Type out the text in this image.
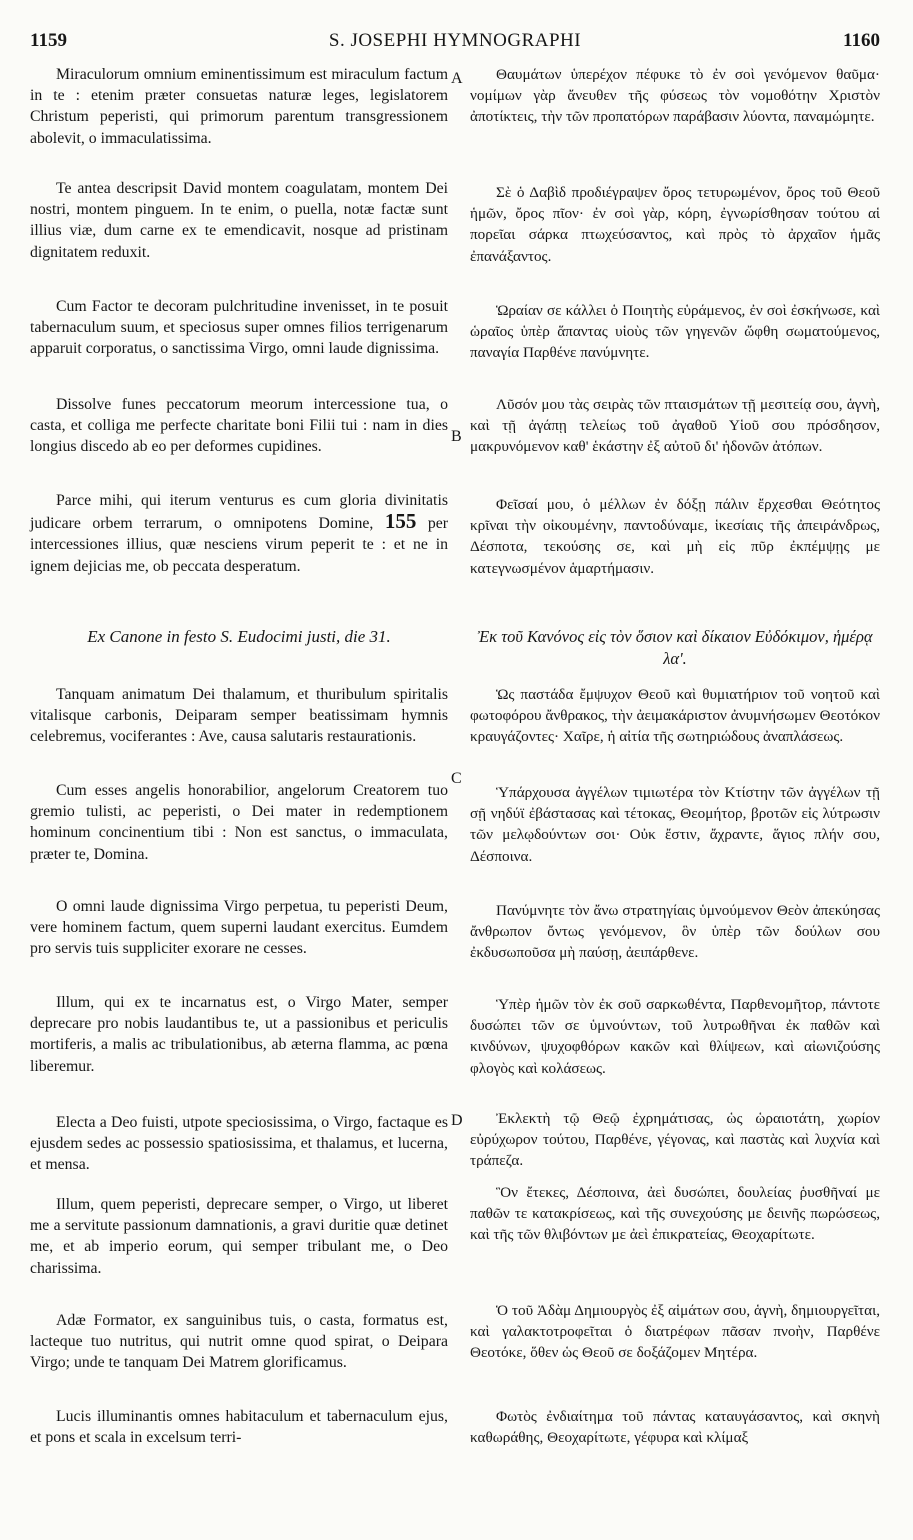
1159	S. JOSEPHI HYMNOGRAPHI	1160
A
B
C
D

Miraculorum omnium eminentissimum est miraculum factum in te : etenim præter consuetas naturæ leges, legislatorem Christum peperisti, qui primorum parentum transgressionem abolevit, o immaculatissima.

Te antea descripsit David montem coagulatam, montem Dei nostri, montem pinguem. In te enim, o puella, notæ factæ sunt illius viæ, dum carne ex te emendicavit, nosque ad pristinam dignitatem reduxit.

Cum Factor te decoram pulchritudine invenisset, in te posuit tabernaculum suum, et speciosus super omnes filios terrigenarum apparuit corporatus, o sanctissima Virgo, omni laude dignissima.

Dissolve funes peccatorum meorum intercessione tua, o casta, et colliga me perfecte charitate boni Filii tui : nam in dies longius discedo ab eo per deformes cupidines.

Parce mihi, qui iterum venturus es cum gloria divinitatis judicare orbem terrarum, o omnipotens Domine, 155 per intercessiones illius, quæ nesciens virum peperit te : et ne in ignem dejicias me, ob peccata desperatum.

Ex Canone in festo S. Eudocimi justi, die 31.

Tanquam animatum Dei thalamum, et thuribulum spiritalis vitalisque carbonis, Deiparam semper beatissimam hymnis celebremus, vociferantes : Ave, causa salutaris restaurationis.

Cum esses angelis honorabilior, angelorum Creatorem tuo gremio tulisti, ac peperisti, o Dei mater in redemptionem hominum concinentium tibi : Non est sanctus, o immaculata, præter te, Domina.

O omni laude dignissima Virgo perpetua, tu peperisti Deum, vere hominem factum, quem superni laudant exercitus. Eumdem pro servis tuis suppliciter exorare ne cesses.

Illum, qui ex te incarnatus est, o Virgo Mater, semper deprecare pro nobis laudantibus te, ut a passionibus et periculis mortiferis, a malis ac tribulationibus, ab æterna flamma, ac pœna liberemur.

Electa a Deo fuisti, utpote speciosissima, o Virgo, factaque es ejusdem sedes ac possessio spatiosissima, et thalamus, et lucerna, et mensa.

Illum, quem peperisti, deprecare semper, o Virgo, ut liberet me a servitute passionum damnationis, a gravi duritie quæ detinet me, et ab imperio eorum, qui semper tribulant me, o Deo charissima.

Adæ Formator, ex sanguinibus tuis, o casta, formatus est, lacteque tuo nutritus, qui nutrit omne quod spirat, o Deipara Virgo; unde te tanquam Dei Matrem glorificamus.

Lucis illuminantis omnes habitaculum et tabernaculum ejus, et pons et scala in excelsum terri-

Θαυμάτων ὑπερέχον πέφυκε τὸ ἐν σοὶ γενόμενον θαῦμα· νομίμων γὰρ ἄνευθεν τῆς φύσεως τὸν νομοθότην Χριστὸν ἀποτίκτεις, τὴν τῶν προπατόρων παράβασιν λύοντα, παναμώμητε.

Σὲ ὁ Δαβὶδ προδιέγραψεν ὄρος τετυρωμένον, ὄρος τοῦ Θεοῦ ἡμῶν, ὄρος πῖον· ἐν σοὶ γὰρ, κόρη, ἐγνωρίσθησαν τούτου αἱ πορεῖαι σάρκα πτωχεύσαντος, καὶ πρὸς τὸ ἀρχαῖον ἡμᾶς ἐπανάξαντος.

Ὡραίαν σε κάλλει ὁ Ποιητὴς εὑράμενος, ἐν σοὶ ἐσκήνωσε, καὶ ὡραῖος ὑπὲρ ἅπαντας υἱοὺς τῶν γηγενῶν ὤφθη σωματούμενος, παναγία Παρθένε πανύμνητε.

Λῦσόν μου τὰς σειρὰς τῶν πταισμάτων τῇ μεσιτείᾳ σου, ἁγνὴ, καὶ τῇ ἀγάπῃ τελείως τοῦ ἀγαθοῦ Υἱοῦ σου πρόσδησον, μακρυνόμενον καθ' ἑκάστην ἐξ αὐτοῦ δι' ἡδονῶν ἀτόπων.

Φεῖσαί μου, ὁ μέλλων ἐν δόξῃ πάλιν ἔρχεσθαι Θεότητος κρῖναι τὴν οἰκουμένην, παντοδύναμε, ἱκεσίαις τῆς ἀπειράνδρως, Δέσποτα, τεκούσης σε, καὶ μὴ εἰς πῦρ ἐκπέμψῃς με κατεγνωσμένον ἁμαρτήμασιν.

Ἐκ τοῦ Κανόνος εἰς τὸν ὅσιον καὶ δίκαιον Εὐδόκιμον, ἡμέρᾳ λα'.

Ὡς παστάδα ἔμψυχον Θεοῦ καὶ θυμιατήριον τοῦ νοητοῦ καὶ φωτοφόρου ἄνθρακος, τὴν ἀειμακάριστον ἀνυμνήσωμεν Θεοτόκον κραυγάζοντες· Χαῖρε, ἡ αἰτία τῆς σωτηριώδους ἀναπλάσεως.

Ὑπάρχουσα ἀγγέλων τιμιωτέρα τὸν Κτίστην τῶν ἀγγέλων τῇ σῇ νηδύϊ ἐβάστασας καὶ τέτοκας, Θεομήτορ, βροτῶν εἰς λύτρωσιν τῶν μελῳδούντων σοι· Οὐκ ἔστιν, ἄχραντε, ἅγιος πλήν σου, Δέσποινα.

Πανύμνητε τὸν ἄνω στρατηγίαις ὑμνούμενον Θεὸν ἀπεκύησας ἄνθρωπον ὄντως γενόμενον, ὃν ὑπὲρ τῶν δούλων σου ἐκδυσωποῦσα μὴ παύσῃ, ἀειπάρθενε.

Ὑπὲρ ἡμῶν τὸν ἐκ σοῦ σαρκωθέντα, Παρθενομῆτορ, πάντοτε δυσώπει τῶν σε ὑμνούντων, τοῦ λυτρωθῆναι ἐκ παθῶν καὶ κινδύνων, ψυχοφθόρων κακῶν καὶ θλίψεων, καὶ αἰωνιζούσης φλογὸς καὶ κολάσεως.

Ἐκλεκτὴ τῷ Θεῷ ἐχρημάτισας, ὡς ὡραιοτάτη, χωρίον εὐρύχωρον τούτου, Παρθένε, γέγονας, καὶ παστὰς καὶ λυχνία καὶ τράπεζα.

Ὃν ἔτεκες, Δέσποινα, ἀεὶ δυσώπει, δουλείας ῥυσθῆναί με παθῶν τε κατακρίσεως, καὶ τῆς συνεχούσης με δεινῆς πωρώσεως, καὶ τῆς τῶν θλιβόντων με ἀεὶ ἐπικρατείας, Θεοχαρίτωτε.

Ὁ τοῦ Ἀδὰμ Δημιουργὸς ἐξ αἱμάτων σου, ἁγνὴ, δημιουργεῖται, καὶ γαλακτοτροφεῖται ὁ διατρέφων πᾶσαν πνοὴν, Παρθένε Θεοτόκε, ὅθεν ὡς Θεοῦ σε δοξάζομεν Μητέρα.

Φωτὸς ἐνδιαίτημα τοῦ πάντας καταυγάσαντος, καὶ σκηνὴ καθωράθης, Θεοχαρίτωτε, γέφυρα καὶ κλίμαξ
